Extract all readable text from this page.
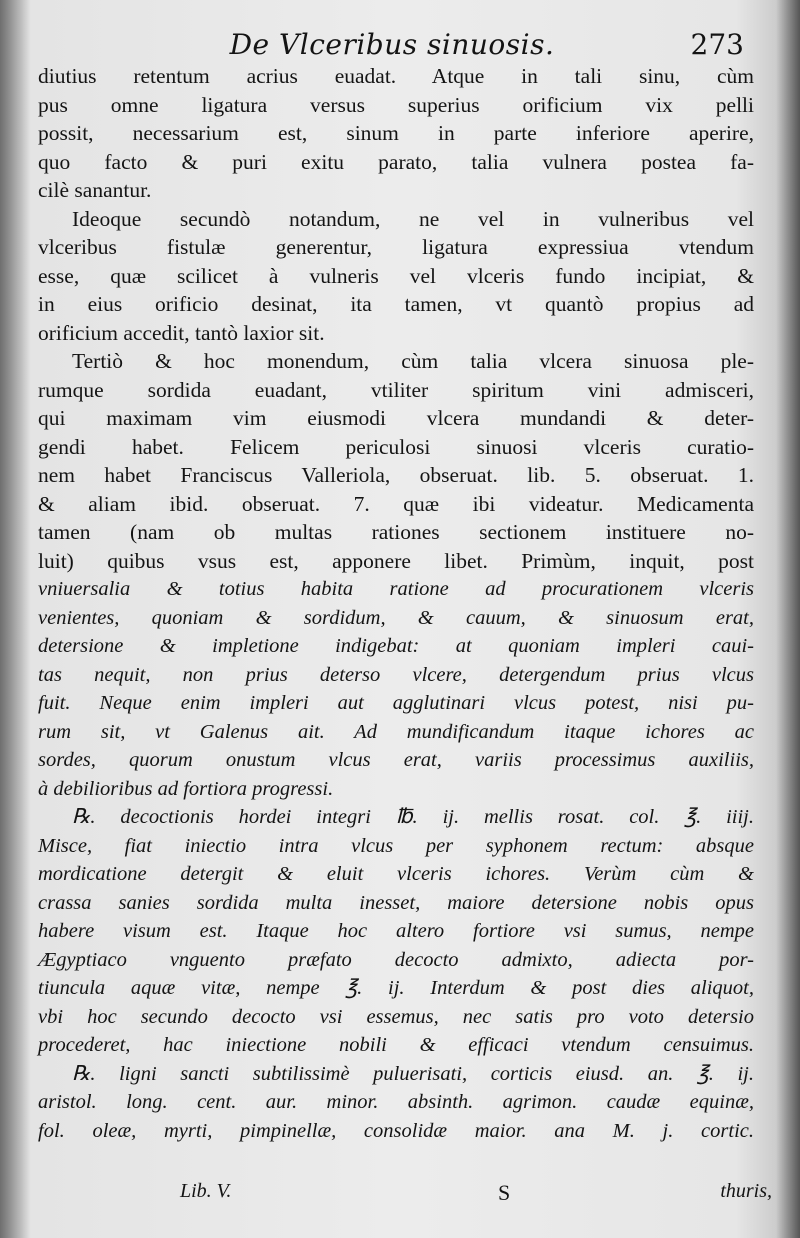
De Vlceribus sinuosis.	273
diutius retentum acrius euadat. Atque in tali sinu, cùm
pus omne ligatura versus superius orificium vix pelli
possit, necessarium est, sinum in parte inferiore aperire,
quo facto & puri exitu parato, talia vulnera postea fa-
cilè sanantur.
Ideoque secundò notandum, ne vel in vulneribus vel
vlceribus fistulæ generentur, ligatura expressiua vtendum
esse, quæ scilicet à vulneris vel vlceris fundo incipiat, &
in eius orificio desinat, ita tamen, vt quantò propius ad
orificium accedit, tantò laxior sit.
Tertiò & hoc monendum, cùm talia vlcera sinuosa ple-
rumque sordida euadant, vtiliter spiritum vini admisceri,
qui maximam vim eiusmodi vlcera mundandi & deter-
gendi habet. Felicem periculosi sinuosi vlceris curatio-
nem habet Franciscus Valleriola, obseruat. lib. 5. obseruat. 1.
& aliam ibid. obseruat. 7. quæ ibi videatur. Medicamenta
tamen (nam ob multas rationes sectionem instituere no-
luit) quibus vsus est, apponere libet. Primùm, inquit, post
vniuersalia & totius habita ratione ad procurationem vlceris
venientes, quoniam & sordidum, & cauum, & sinuosum erat,
detersione & impletione indigebat: at quoniam impleri caui-
tas nequit, non prius deterso vlcere, detergendum prius vlcus
fuit. Neque enim impleri aut agglutinari vlcus potest, nisi pu-
rum sit, vt Galenus ait. Ad mundificandum itaque ichores ac
sordes, quorum onustum vlcus erat, variis processimus auxiliis,
à debilioribus ad fortiora progressi.
℞. decoctionis hordei integri ℔. ij. mellis rosat. col. ℥. iiij.
Misce, fiat iniectio intra vlcus per syphonem rectum: absque
mordicatione detergit & eluit vlceris ichores. Verùm cùm &
crassa sanies sordida multa inesset, maiore detersione nobis opus
habere visum est. Itaque hoc altero fortiore vsi sumus, nempe
Ægyptiaco vnguento præfato decocto admixto, adiecta por-
tiuncula aquæ vitæ, nempe ℥. ij. Interdum & post dies aliquot,
vbi hoc secundo decocto vsi essemus, nec satis pro voto detersio
procederet, hac iniectione nobili & efficaci vtendum censuimus.
℞. ligni sancti subtilissimè puluerisati, corticis eiusd. an. ℥. ij.
aristol. long. cent. aur. minor. absinth. agrimon. caudæ equinæ,
fol. oleæ, myrti, pimpinellæ, consolidæ maior. ana M. j. cortic.
Lib. V.	S	thuris,
